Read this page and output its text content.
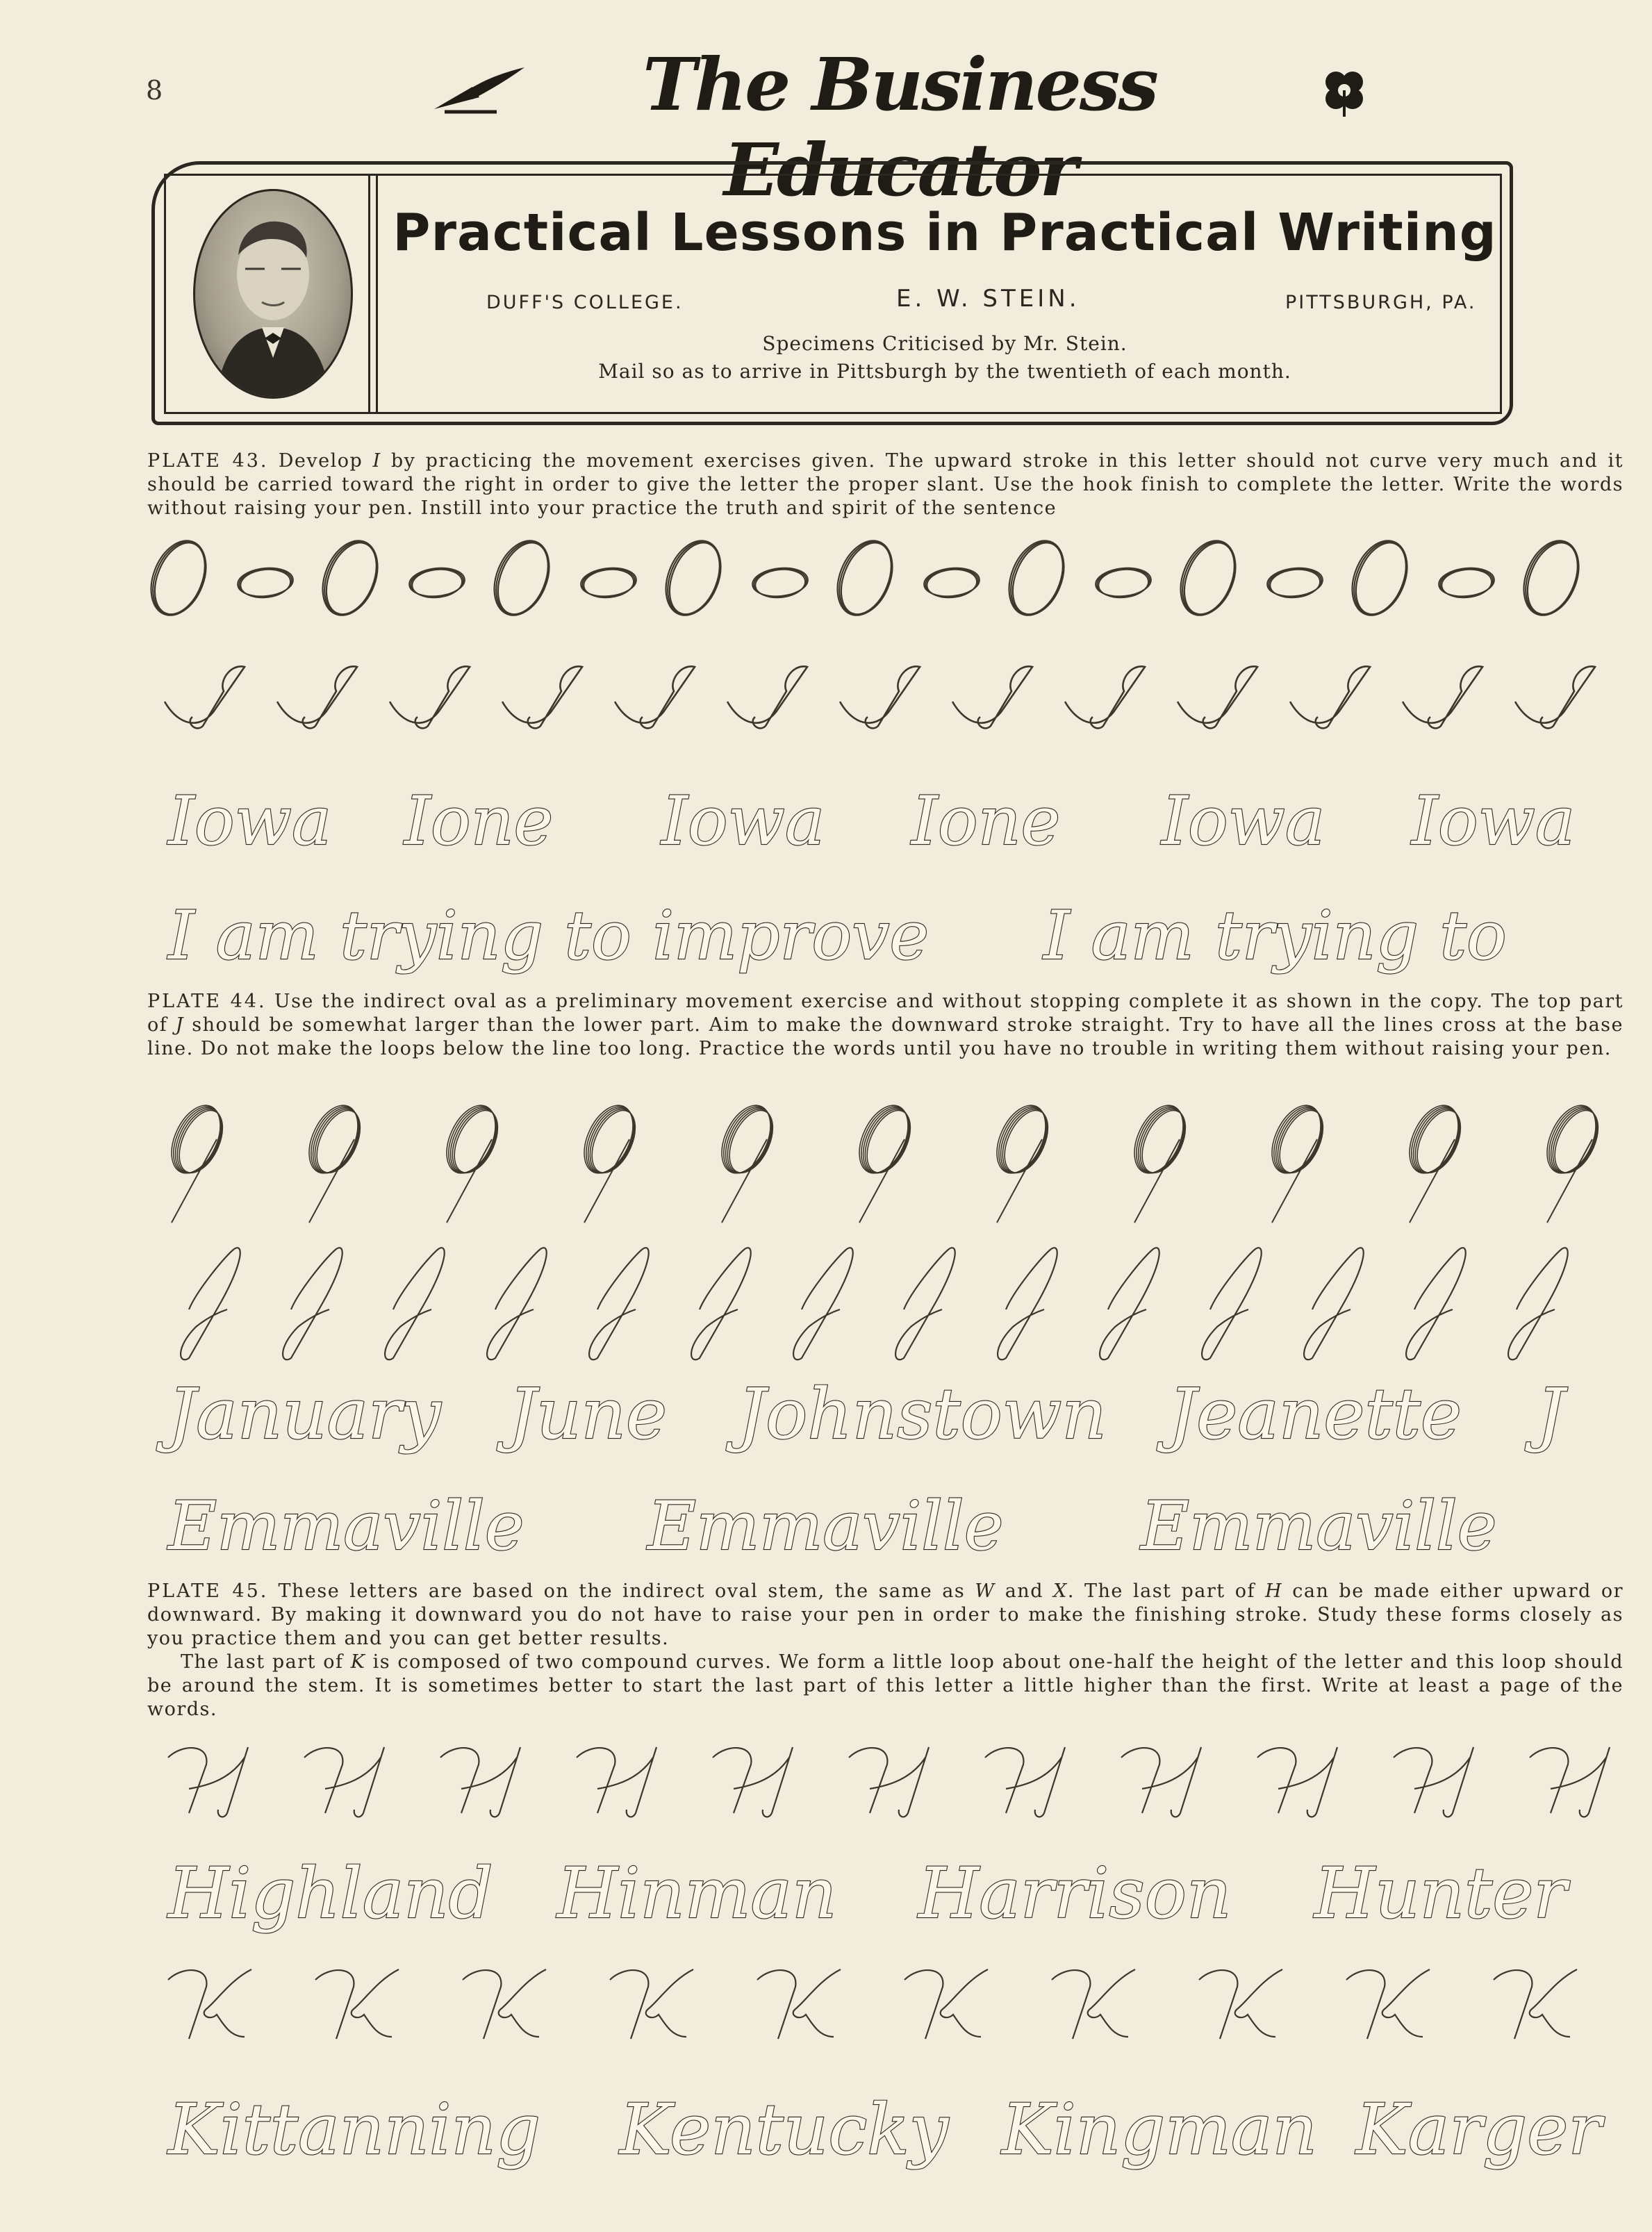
8	The Business Educator
Practical Lessons in Practical Writing
DUFF'S COLLEGE.	E. W. STEIN.	PITTSBURGH, PA.
Specimens Criticised by Mr. Stein.
Mail so as to arrive in Pittsburgh by the twentieth of each month.
PLATE 43. Develop I by practicing the movement exercises given. The upward stroke in this letter should not curve very much and it should be carried toward the right in order to give the letter the proper slant. Use the hook finish to complete the letter. Write the words without raising your pen. Instill into your practice the truth and spirit of the sentence
Iowa Ione Iowa Ione Iowa Iowa
I am trying to improve I am trying to
PLATE 44. Use the indirect oval as a preliminary movement exercise and without stopping complete it as shown in the copy. The top part of J should be somewhat larger than the lower part. Aim to make the downward stroke straight. Try to have all the lines cross at the base line. Do not make the loops below the line too long. Practice the words until you have no trouble in writing them without raising your pen.
January June Johnstown Jeanette J
Emmaville Emmaville Emmaville
PLATE 45. These letters are based on the indirect oval stem, the same as W and X. The last part of H can be made either upward or downward. By making it downward you do not have to raise your pen in order to make the finishing stroke. Study these forms closely as you practice them and you can get better results.
The last part of K is composed of two compound curves. We form a little loop about one-half the height of the letter and this loop should be around the stem. It is sometimes better to start the last part of this letter a little higher than the first. Write at least a page of the words.
Highland Hinman Harrison Hunter
Kittanning Kentucky Kingman Karger
